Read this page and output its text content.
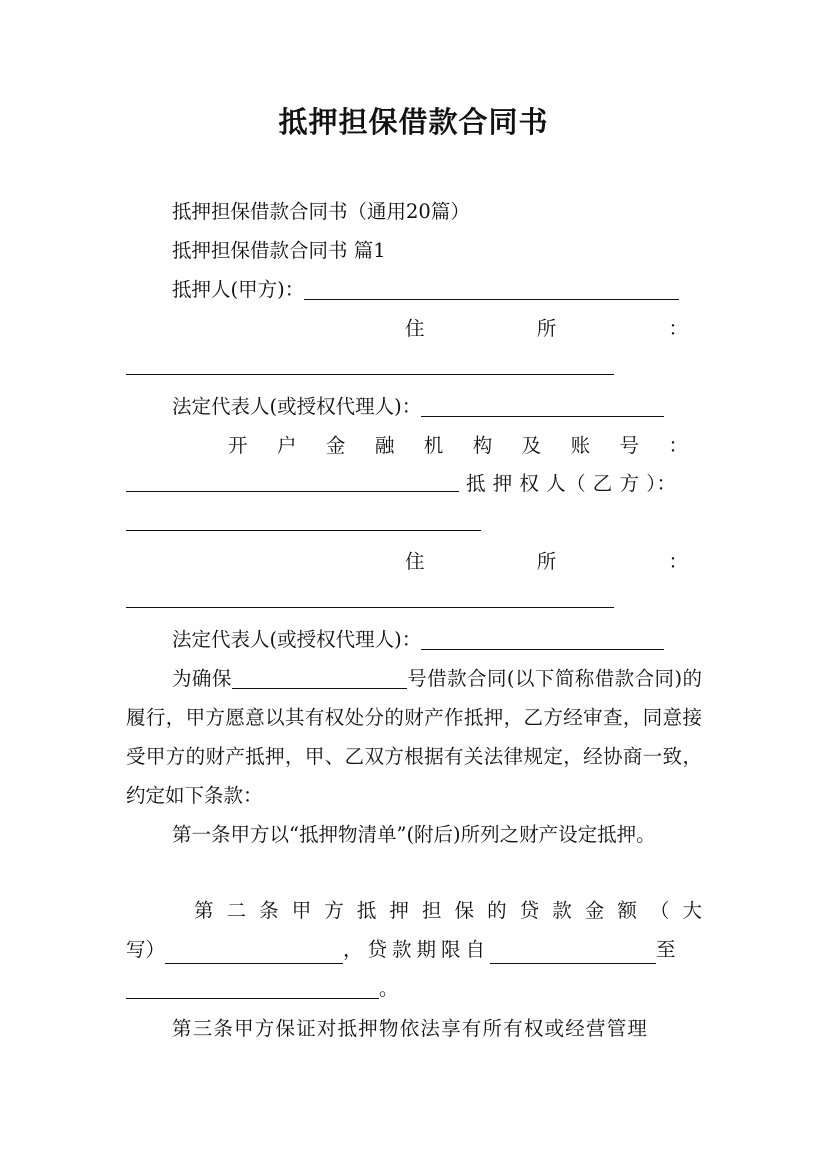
抵押担保借款合同书
抵押担保借款合同书（通用20篇）
抵押担保借款合同书 篇1
抵押人(甲方)：
住	所	：
法定代表人(或授权代理人)：
开 户 金 融 机 构 及 账 号 ：
抵 押 权 人（ 乙 方 ）：
住	所	：
法定代表人(或授权代理人)：
为确保	号借款合同(以下简称借款合同)的履行，甲方愿意以其有权处分的财产作抵押，乙方经审查，同意接受甲方的财产抵押，甲、乙双方根据有关法律规定，经协商一致，约定如下条款：
第一条甲方以“抵押物清单”(附后)所列之财产设定抵押。
第 二 条 甲 方 抵 押 担 保 的 贷 款 金 额 （ 大
写）	，贷款期限自	至
。
第三条甲方保证对抵押物依法享有所有权或经营管理
